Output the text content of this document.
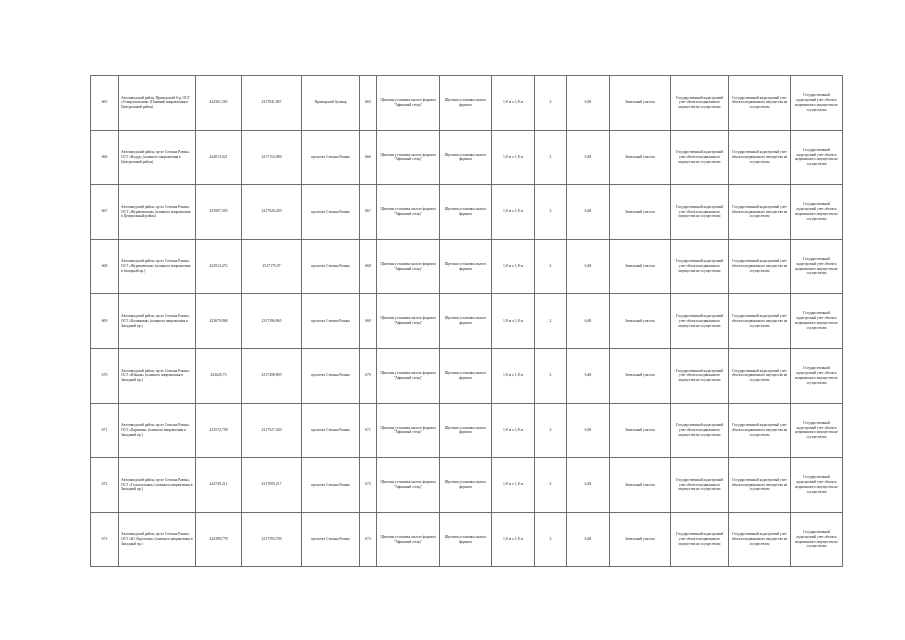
665	Автозаводский район, Приморский б-р, ОСТ «Ставропольская» (Плавный направления в Центральный район)	424361,565	2317841,867	Приморский бульвар	665	Щитовая установка малого формата "Афишный стенд"	Щитовая установка малого формата	1,8 м х 1,8 м	2	6,48	Земельный участок	Государственный кадастровый учет объекта недвижимого имущества не осуществлен	Государственный кадастровый учет объекта недвижимого имущества не осуществлен	Государственный кадастровый учет объекта недвижимого имущества не осуществлен
666	Автозаводский район, пр-кт Степана Разина, ОСТ «Водуд» (плавного направления в Центральный район)	424013,021	2317152,086	проспект Степана Разина	666	Щитовая установка малого формата "Афишный стенд"	Щитовая установка малого формата	1,8 м х 1,8 м	2	6,48	Земельный участок	Государственный кадастровый учет объекта недвижимого имущества не осуществлен	Государственный кадастровый учет объекта недвижимого имущества не осуществлен	Государственный кадастровый учет объекта недвижимого имущества не осуществлен
667	Автозаводский район, пр-кт Степана Разина, ОСТ «Журавлевская» (плавного направления в Центральный район)	423907,505	2317026,459	проспект Степана Разина	667	Щитовая установка малого формата "Афишный стенд"	Щитовая установка малого формата	1,8 м х 1,8 м	2	6,48	Земельный участок	Государственный кадастровый учет объекта недвижимого имущества не осуществлен	Государственный кадастровый учет объекта недвижимого имущества не осуществлен	Государственный кадастровый учет объекта недвижимого имущества не осуществлен
668	Автозаводский район, пр-кт Степана Разина, ОСТ «Журавлевская» (плавного направления в Западный пр.)	423913,472	2317175,07	проспект Степана Разина	668	Щитовая установка малого формата "Афишный стенд"	Щитовая установка малого формата	1,8 м х 1,8 м	2	6,48	Земельный участок	Государственный кадастровый учет объекта недвижимого имущества не осуществлен	Государственный кадастровый учет объекта недвижимого имущества не осуществлен	Государственный кадастровый учет объекта недвижимого имущества не осуществлен
669	Автозаводский район, пр-кт Степана Разина, ОСТ «Калиновая» (плавного направления в Западный пр.)	423679,868	2317296,865	проспект Степана Разина	669	Щитовая установка малого формата "Афишный стенд"	Щитовая установка малого формата	1,8 м х 1,8 м	2	6,48	Земельный участок	Государственный кадастровый учет объекта недвижимого имущества не осуществлен	Государственный кадастровый учет объекта недвижимого имущества не осуществлен	Государственный кадастровый учет объекта недвижимого имущества не осуществлен
670	Автозаводский район, пр-кт Степана Разина, ОСТ «Южная» (плавного направления в Западный пр.)	423620,75	2317498,895	проспект Степана Разина	670	Щитовая установка малого формата "Афишный стенд"	Щитовая установка малого формата	1,8 м х 1,8 м	2	6,48	Земельный участок	Государственный кадастровый учет объекта недвижимого имущества не осуществлен	Государственный кадастровый учет объекта недвижимого имущества не осуществлен	Государственный кадастровый учет объекта недвижимого имущества не осуществлен
671	Автозаводский район, пр-кт Степана Разина, ОСТ «Парковая» (плавного направления в Западный пр.)	423572,758	2317527,349	проспект Степана Разина	671	Щитовая установка малого формата "Афишный стенд"	Щитовая установка малого формата	1,8 м х 1,8 м	2	6,48	Земельный участок	Государственный кадастровый учет объекта недвижимого имущества не осуществлен	Государственный кадастровый учет объекта недвижимого имущества не осуществлен	Государственный кадастровый учет объекта недвижимого имущества не осуществлен
672	Автозаводский район, пр-кт Степана Разина, ОСТ «Госпитальная» (плавного направления в Западный пр.)	424749,211	2317695,217	проспект Степана Разина	672	Щитовая установка малого формата "Афишный стенд"	Щитовая установка малого формата	1,8 м х 1,8 м	2	6,48	Земельный участок	Государственный кадастровый учет объекта недвижимого имущества не осуществлен	Государственный кадастровый учет объекта недвижимого имущества не осуществлен	Государственный кадастровый учет объекта недвижимого имущества не осуществлен
673	Автозаводский район, пр-кт Степана Разина, ОСТ «Ю. Курчатова» (плавного направления в Западный пр.)	424398,778	2317593,706	проспект Степана Разина	673	Щитовая установка малого формата "Афишный стенд"	Щитовая установка малого формата	1,8 м х 1,8 м	2	6,48	Земельный участок	Государственный кадастровый учет объекта недвижимого имущества не осуществлен	Государственный кадастровый учет объекта недвижимого имущества не осуществлен	Государственный кадастровый учет объекта недвижимого имущества не осуществлен
